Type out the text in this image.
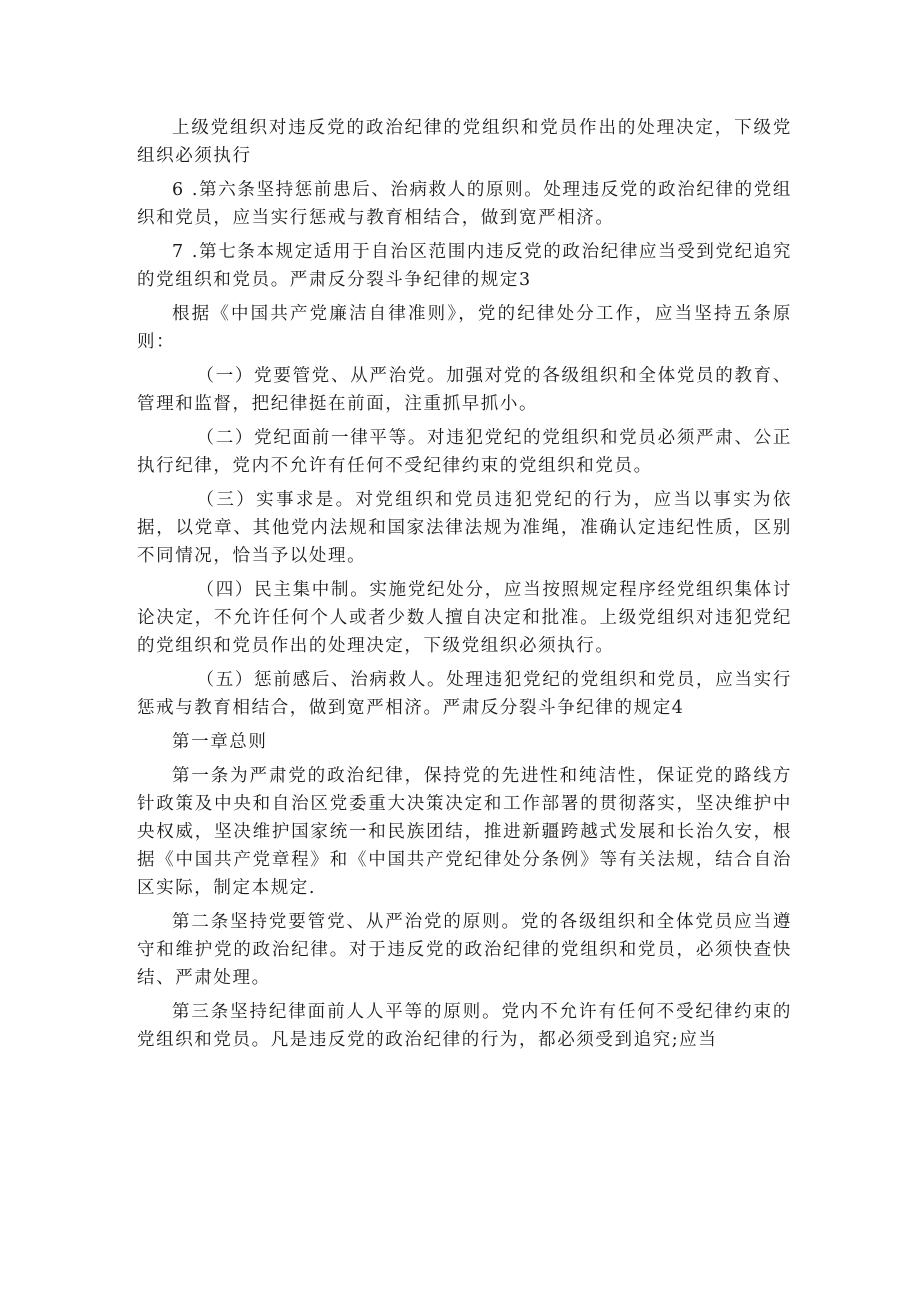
上级党组织对违反党的政治纪律的党组织和党员作出的处理决定，下级党组织必须执行

6 .第六条坚持惩前患后、治病救人的原则。处理违反党的政治纪律的党组织和党员，应当实行惩戒与教育相结合，做到宽严相济。

7 .第七条本规定适用于自治区范围内违反党的政治纪律应当受到党纪追究的党组织和党员。严肃反分裂斗争纪律的规定3

根据《中国共产党廉洁自律准则》，党的纪律处分工作，应当坚持五条原则：

（一）党要管党、从严治党。加强对党的各级组织和全体党员的教育、管理和监督，把纪律挺在前面，注重抓早抓小。

（二）党纪面前一律平等。对违犯党纪的党组织和党员必须严肃、公正执行纪律，党内不允许有任何不受纪律约束的党组织和党员。

（三）实事求是。对党组织和党员违犯党纪的行为，应当以事实为依据，以党章、其他党内法规和国家法律法规为准绳，准确认定违纪性质，区别不同情况，恰当予以处理。

（四）民主集中制。实施党纪处分，应当按照规定程序经党组织集体讨论决定，不允许任何个人或者少数人擅自决定和批准。上级党组织对违犯党纪的党组织和党员作出的处理决定，下级党组织必须执行。

（五）惩前感后、治病救人。处理违犯党纪的党组织和党员，应当实行惩戒与教育相结合，做到宽严相济。严肃反分裂斗争纪律的规定4

第一章总则

第一条为严肃党的政治纪律，保持党的先进性和纯洁性，保证党的路线方针政策及中央和自治区党委重大决策决定和工作部署的贯彻落实，坚决维护中央权威，坚决维护国家统一和民族团结，推进新疆跨越式发展和长治久安，根据《中国共产党章程》和《中国共产党纪律处分条例》等有关法规，结合自治区实际，制定本规定.

第二条坚持党要管党、从严治党的原则。党的各级组织和全体党员应当遵守和维护党的政治纪律。对于违反党的政治纪律的党组织和党员，必须快查快结、严肃处理。

第三条坚持纪律面前人人平等的原则。党内不允许有任何不受纪律约束的党组织和党员。凡是违反党的政治纪律的行为，都必须受到追究;应当
